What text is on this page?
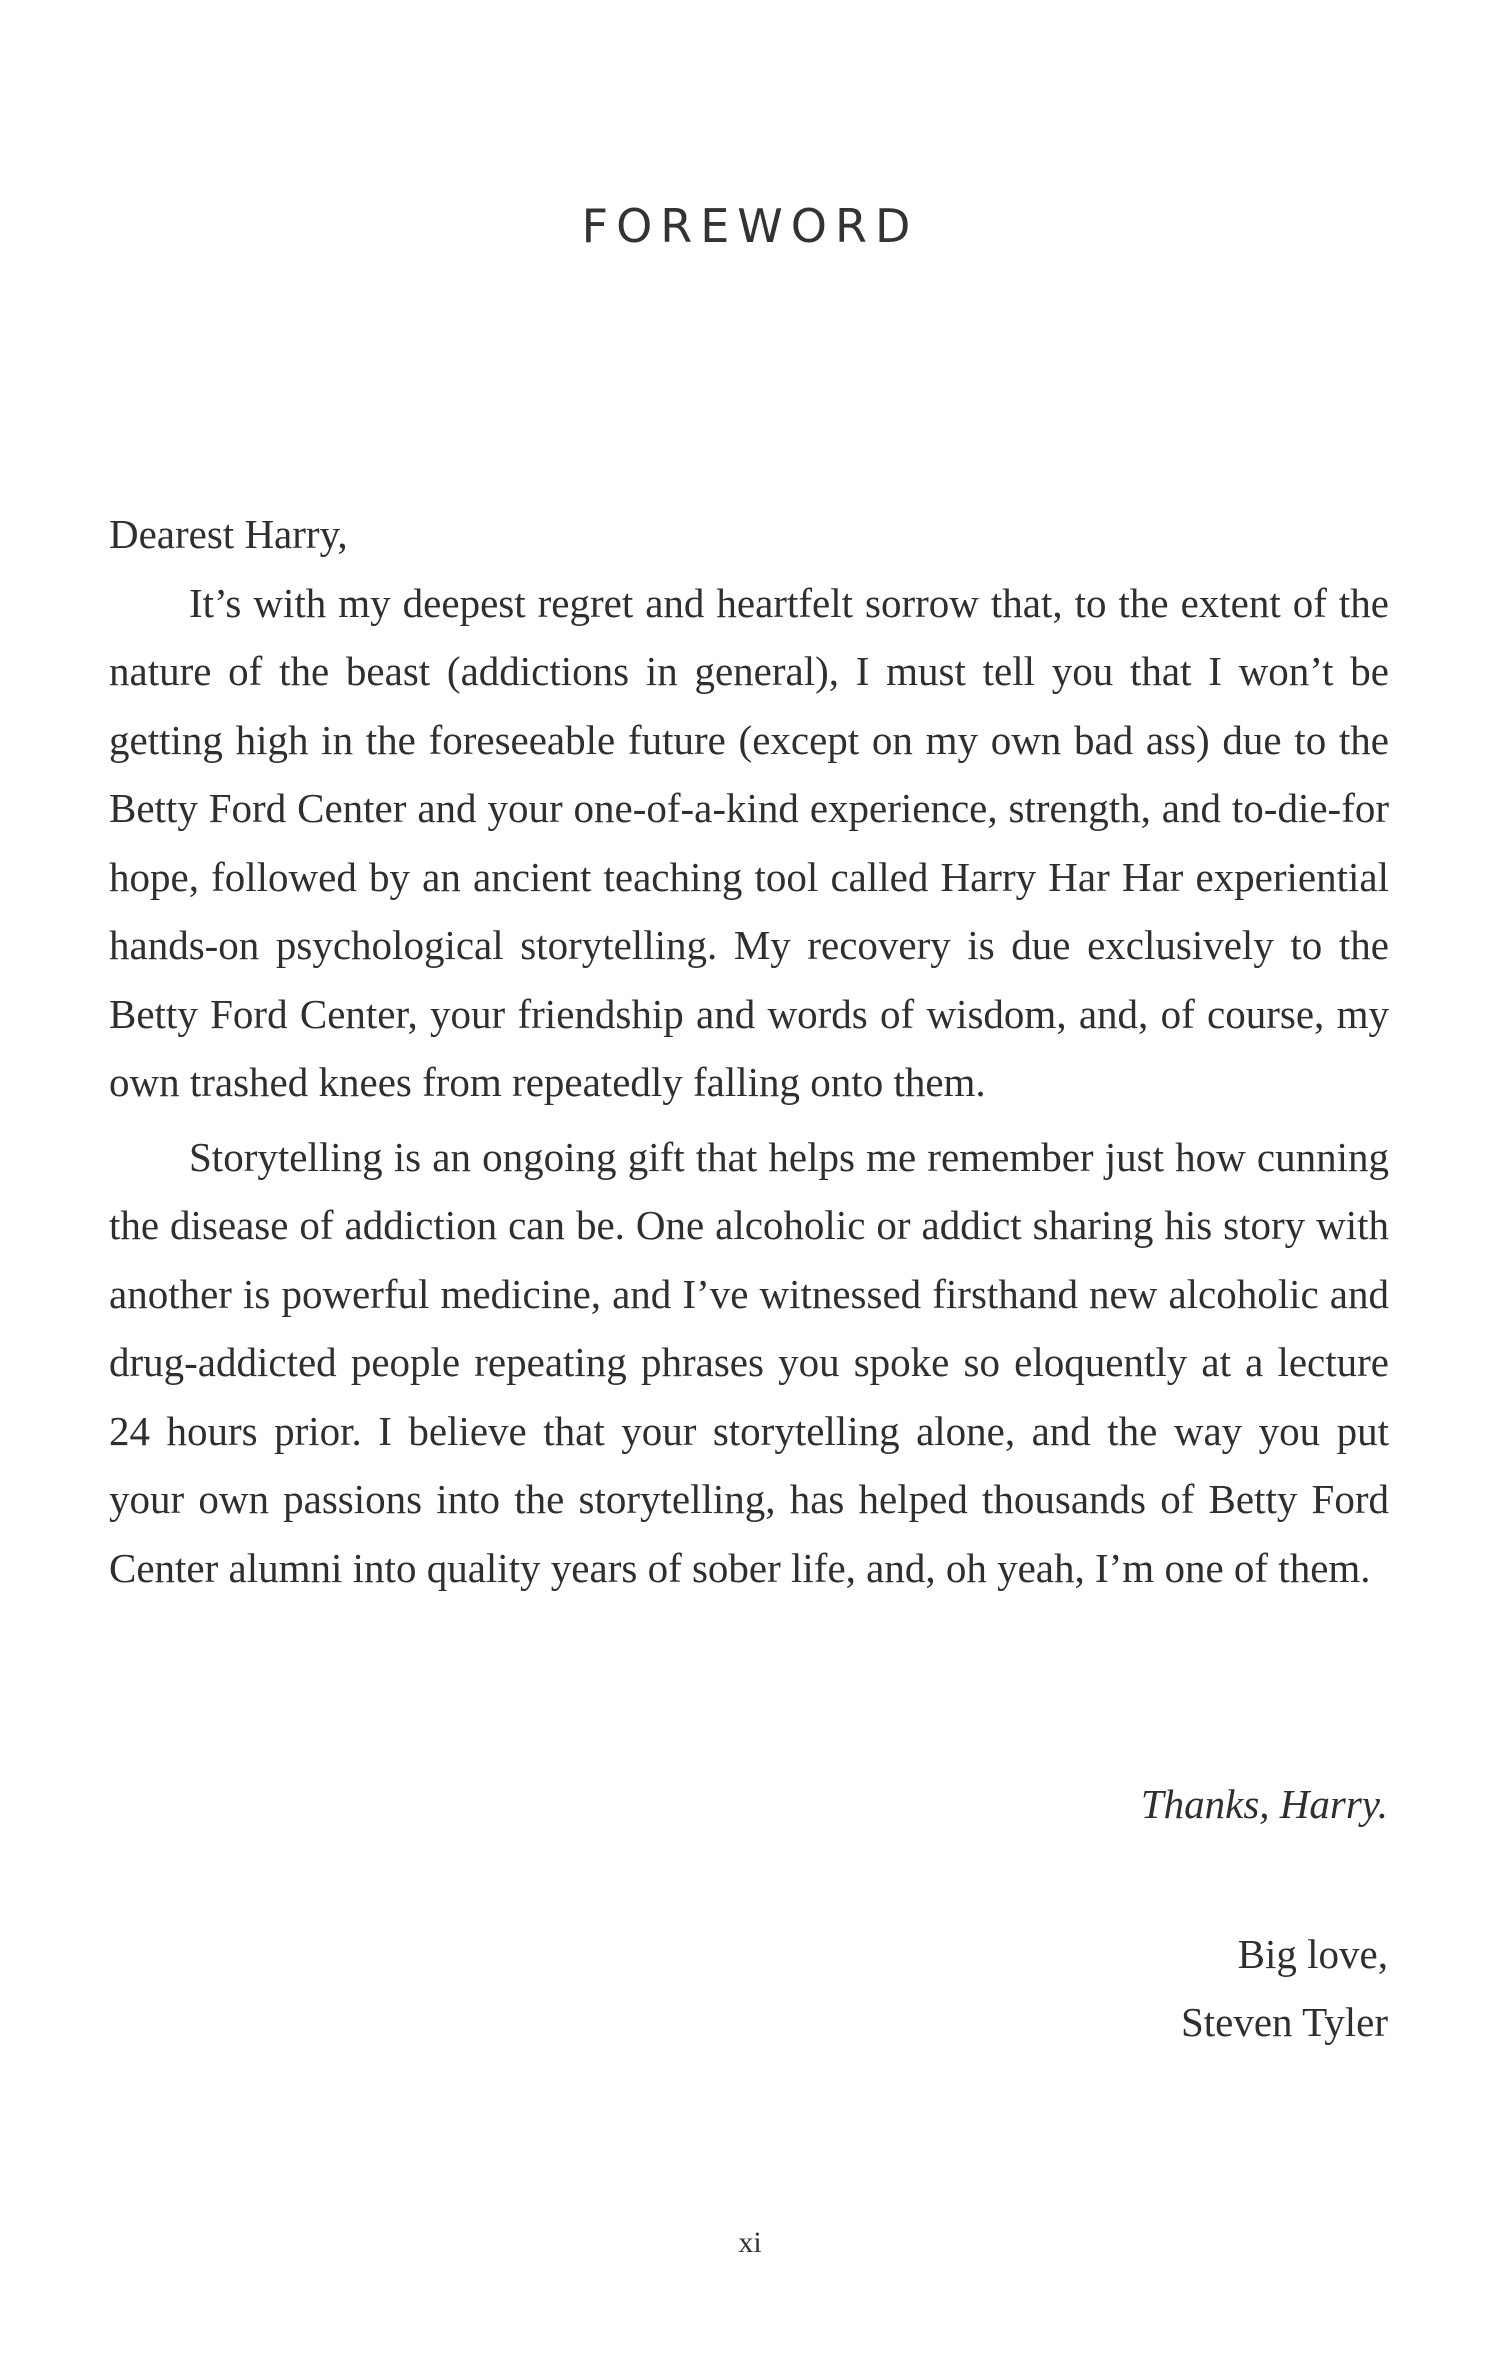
FOREWORD

Dearest Harry,

It’s with my deepest regret and heartfelt sorrow that, to the extent of the nature of the beast (addictions in general), I must tell you that I won’t be getting high in the foreseeable future (except on my own bad ass) due to the Betty Ford Center and your one-of-a-kind experience, strength, and to-die-for hope, followed by an ancient teaching tool called Harry Har Har experiential hands-on psychological storytelling. My recovery is due exclusively to the Betty Ford Center, your friendship and words of wisdom, and, of course, my own trashed knees from repeatedly falling onto them.

Storytelling is an ongoing gift that helps me remember just how cunning the disease of addiction can be. One alcoholic or addict sharing his story with another is powerful medicine, and I’ve witnessed firsthand new alcoholic and drug-addicted people repeating phrases you spoke so eloquently at a lecture 24 hours prior. I believe that your storytelling alone, and the way you put your own passions into the storytelling, has helped thousands of Betty Ford Center alumni into quality years of sober life, and, oh yeah, I’m one of them.

Thanks, Harry.
Big love,
Steven Tyler
xi
